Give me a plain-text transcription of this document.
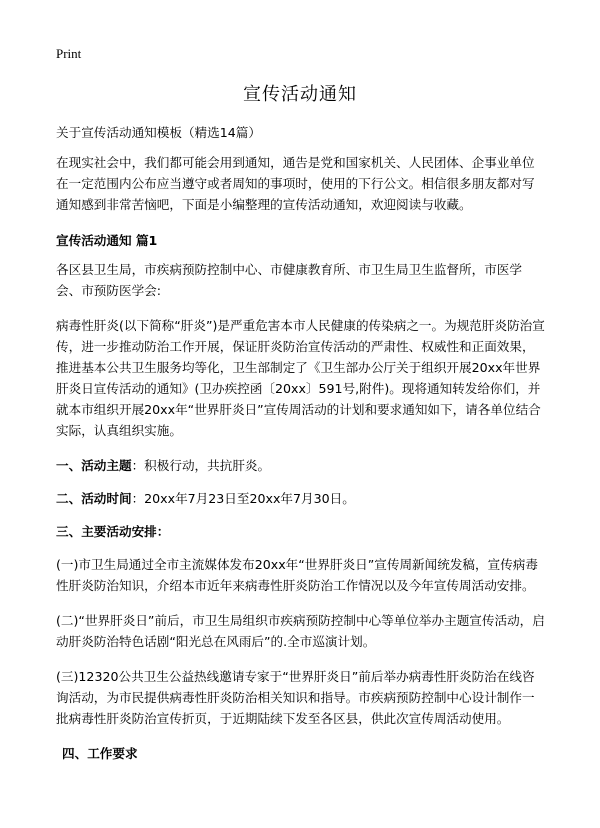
Print
宣传活动通知

关于宣传活动通知模板（精选14篇）

在现实社会中，我们都可能会用到通知，通告是党和国家机关、人民团体、企事业单位在一定范围内公布应当遵守或者周知的事项时，使用的下行公文。相信很多朋友都对写通知感到非常苦恼吧，下面是小编整理的宣传活动通知，欢迎阅读与收藏。

宣传活动通知 篇1

各区县卫生局，市疾病预防控制中心、市健康教育所、市卫生局卫生监督所，市医学会、市预防医学会:

病毒性肝炎(以下简称“肝炎”)是严重危害本市人民健康的传染病之一。为规范肝炎防治宣传，进一步推动防治工作开展，保证肝炎防治宣传活动的严肃性、权威性和正面效果，推进基本公共卫生服务均等化，卫生部制定了《卫生部办公厅关于组织开展20xx年世界肝炎日宣传活动的通知》(卫办疾控函〔20xx〕591号,附件)。现将通知转发给你们，并就本市组织开展20xx年“世界肝炎日”宣传周活动的计划和要求通知如下，请各单位结合实际，认真组织实施。

一、活动主题：积极行动，共抗肝炎。

二、活动时间：20xx年7月23日至20xx年7月30日。

三、主要活动安排：

(一)市卫生局通过全市主流媒体发布20xx年“世界肝炎日”宣传周新闻统发稿，宣传病毒性肝炎防治知识，介绍本市近年来病毒性肝炎防治工作情况以及今年宣传周活动安排。

(二)“世界肝炎日”前后，市卫生局组织市疾病预防控制中心等单位举办主题宣传活动，启动肝炎防治特色话剧“阳光总在风雨后”的.全市巡演计划。

(三)12320公共卫生公益热线邀请专家于“世界肝炎日”前后举办病毒性肝炎防治在线咨询活动，为市民提供病毒性肝炎防治相关知识和指导。市疾病预防控制中心设计制作一批病毒性肝炎防治宣传折页，于近期陆续下发至各区县，供此次宣传周活动使用。

四、工作要求
